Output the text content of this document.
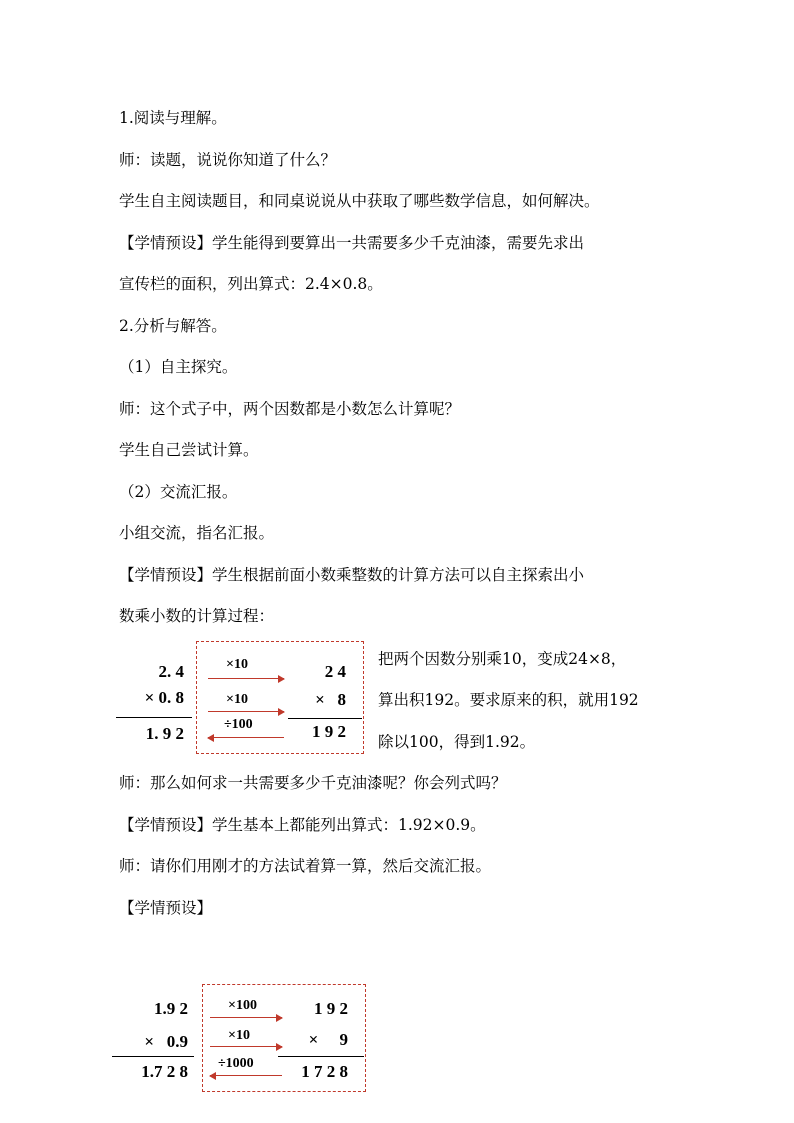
1.阅读与理解。
师：读题，说说你知道了什么？
学生自主阅读题目，和同桌说说从中获取了哪些数学信息，如何解决。
【学情预设】学生能得到要算出一共需要多少千克油漆，需要先求出
宣传栏的面积，列出算式：2.4×0.8。
2.分析与解答。
（1）自主探究。
师：这个式子中，两个因数都是小数怎么计算呢？
学生自己尝试计算。
（2）交流汇报。
小组交流，指名汇报。
【学情预设】学生根据前面小数乘整数的计算方法可以自主探索出小
数乘小数的计算过程：
2. 4
× 0. 8
1. 9 2
×10
×10
÷100
2 4
×   8
1 9 2
把两个因数分别乘10，变成24×8，
算出积192。要求原来的积，就用192
除以100，得到1.92。
师：那么如何求一共需要多少千克油漆呢？你会列式吗？
【学情预设】学生基本上都能列出算式：1.92×0.9。
师：请你们用刚才的方法试着算一算，然后交流汇报。
【学情预设】
1.9 2
×   0.9
1.7 2 8
×100
×10
÷1000
1 9 2
×     9
1 7 2 8
